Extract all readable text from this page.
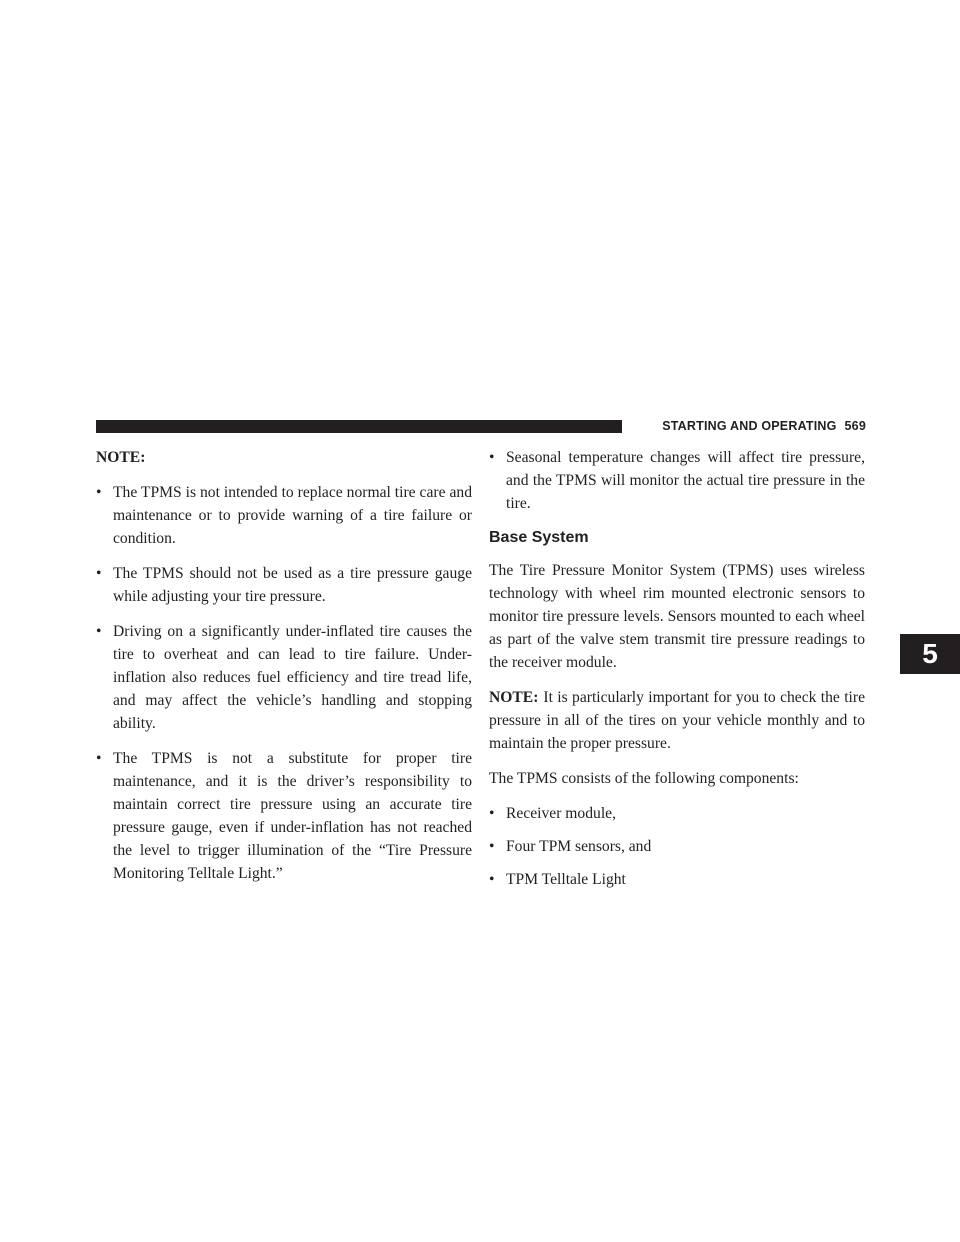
STARTING AND OPERATING 569
5
NOTE:
• The TPMS is not intended to replace normal tire care and maintenance or to provide warning of a tire failure or condition.
• The TPMS should not be used as a tire pressure gauge while adjusting your tire pressure.
• Driving on a significantly under-inflated tire causes the tire to overheat and can lead to tire failure. Under-inflation also reduces fuel efficiency and tire tread life, and may affect the vehicle’s handling and stopping ability.
• The TPMS is not a substitute for proper tire maintenance, and it is the driver’s responsibility to maintain correct tire pressure using an accurate tire pressure gauge, even if under-inflation has not reached the level to trigger illumination of the “Tire Pressure Monitoring Telltale Light.”
• Seasonal temperature changes will affect tire pressure, and the TPMS will monitor the actual tire pressure in the tire.
Base System

The Tire Pressure Monitor System (TPMS) uses wireless technology with wheel rim mounted electronic sensors to monitor tire pressure levels. Sensors mounted to each wheel as part of the valve stem transmit tire pressure readings to the receiver module.

NOTE: It is particularly important for you to check the tire pressure in all of the tires on your vehicle monthly and to maintain the proper pressure.

The TPMS consists of the following components:

• Receiver module,
• Four TPM sensors, and
• TPM Telltale Light
